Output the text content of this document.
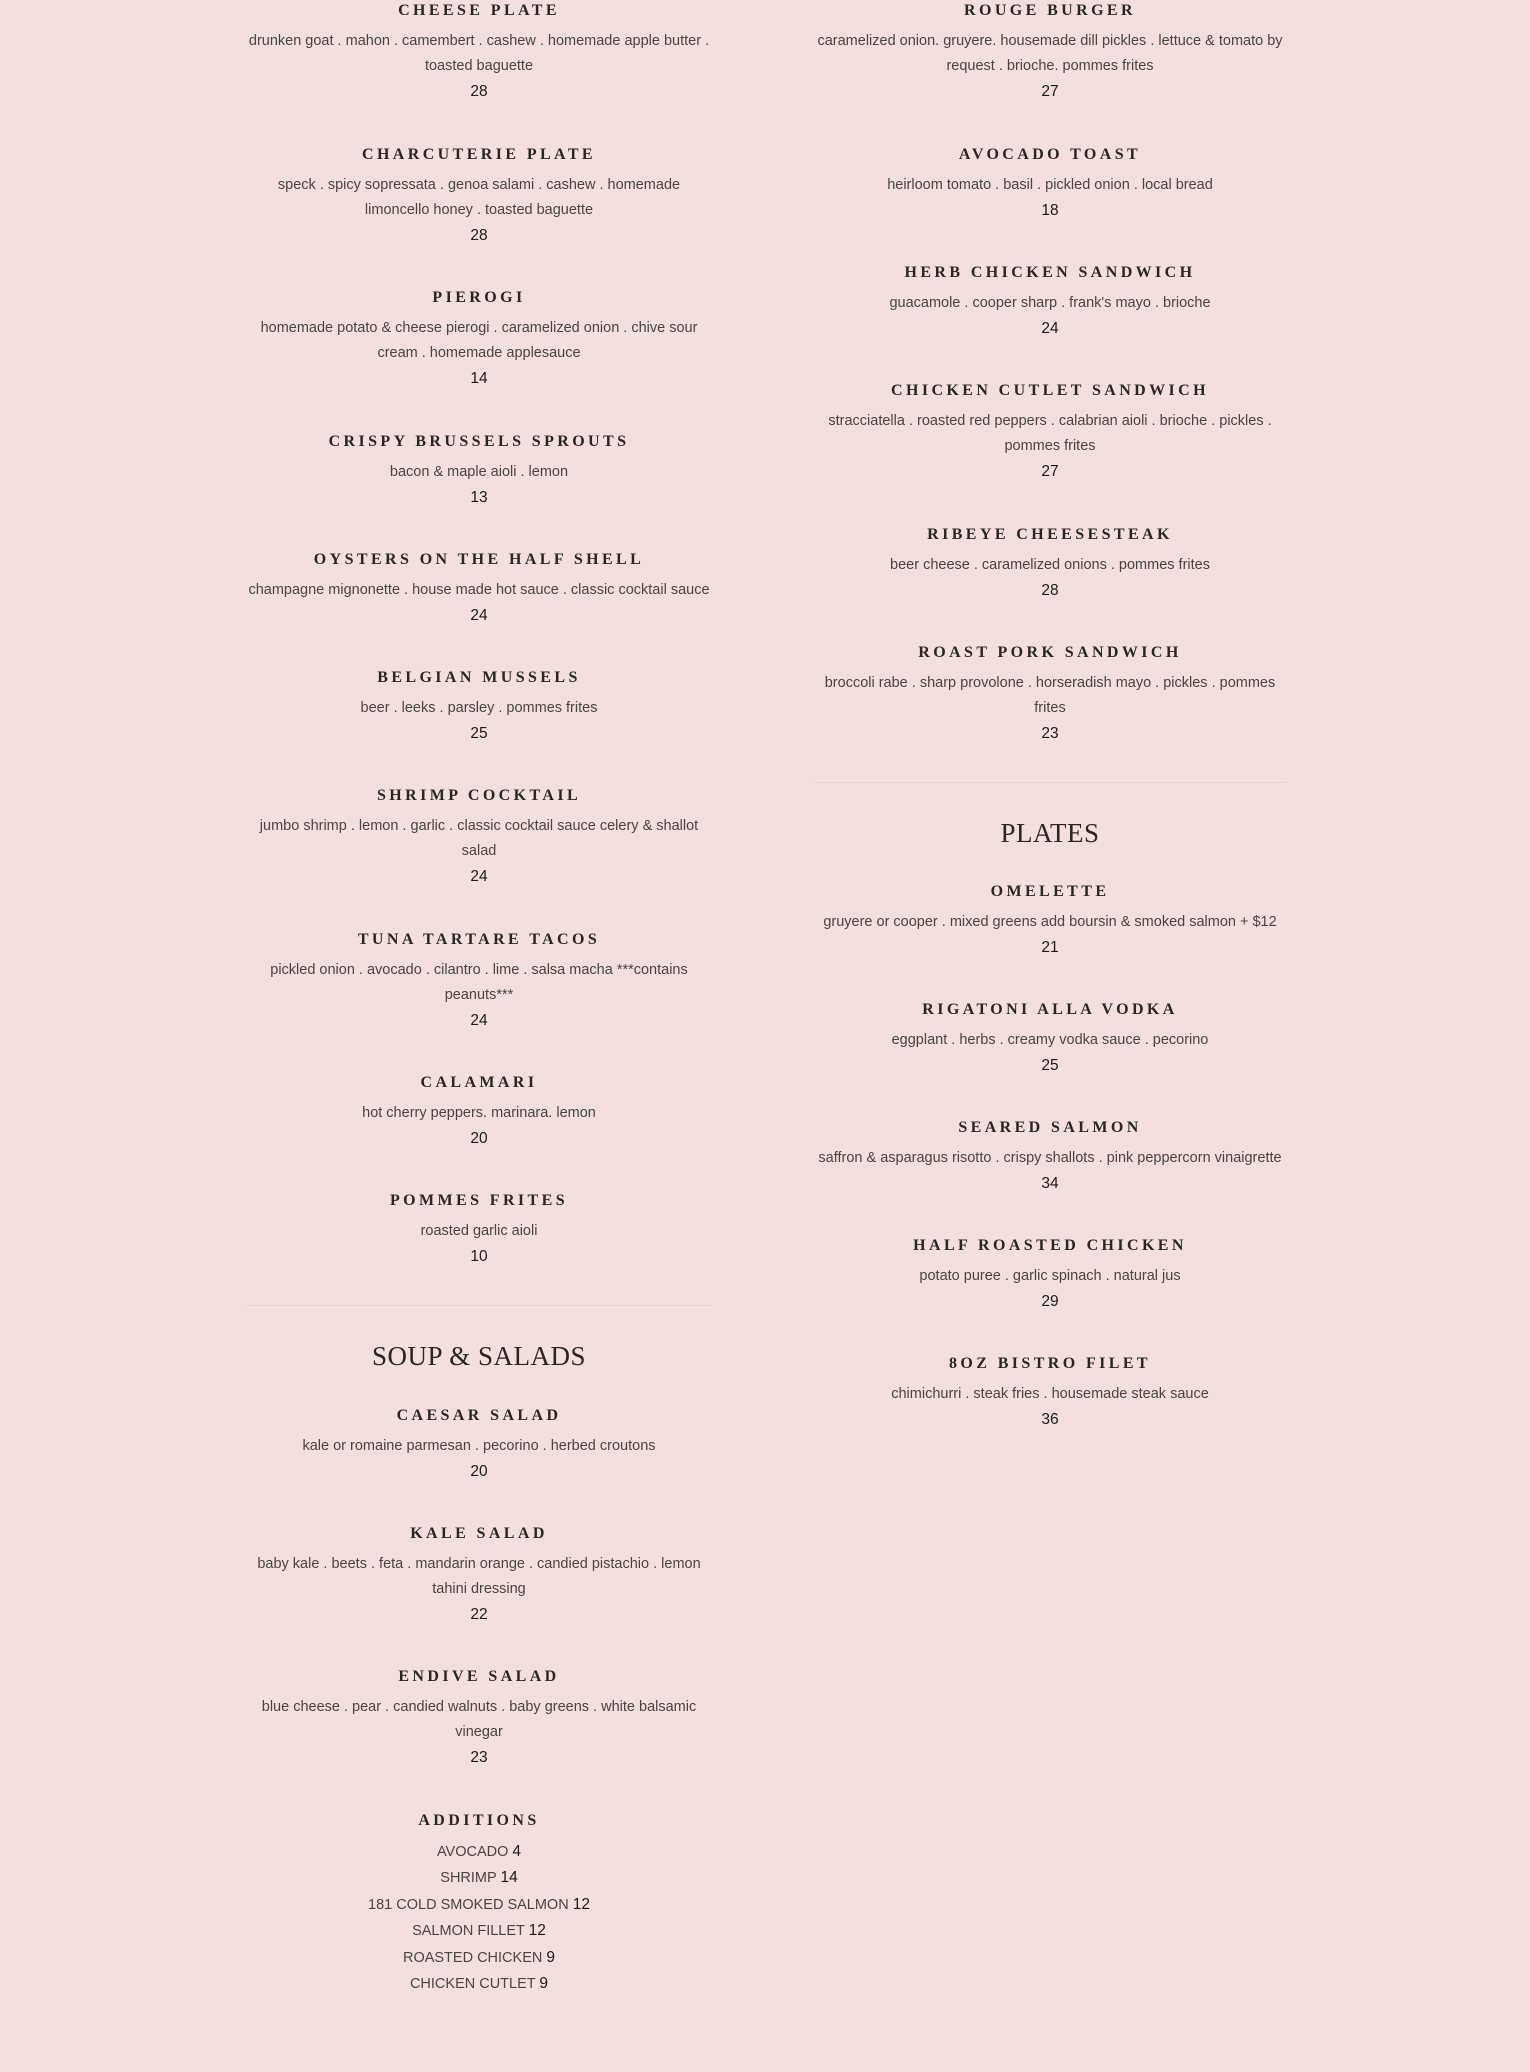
CHEESE PLATE
drunken goat . mahon . camembert . cashew . homemade apple butter . toasted baguette
28
CHARCUTERIE PLATE
speck . spicy sopressata . genoa salami . cashew . homemade limoncello honey . toasted baguette
28
PIEROGI
homemade potato & cheese pierogi . caramelized onion . chive sour cream . homemade applesauce
14
CRISPY BRUSSELS SPROUTS
bacon & maple aioli . lemon
13
OYSTERS ON THE HALF SHELL
champagne mignonette . house made hot sauce . classic cocktail sauce
24
BELGIAN MUSSELS
beer . leeks . parsley . pommes frites
25
SHRIMP COCKTAIL
jumbo shrimp . lemon . garlic . classic cocktail sauce celery & shallot salad
24
TUNA TARTARE TACOS
pickled onion . avocado . cilantro . lime . salsa macha ***contains peanuts***
24
CALAMARI
hot cherry peppers. marinara. lemon
20
POMMES FRITES
roasted garlic aioli
10
SOUP & SALADS
CAESAR SALAD
kale or romaine parmesan . pecorino . herbed croutons
20
KALE SALAD
baby kale . beets . feta . mandarin orange . candied pistachio . lemon tahini dressing
22
ENDIVE SALAD
blue cheese . pear . candied walnuts . baby greens . white balsamic vinegar
23
ADDITIONS
AVOCADO 4
SHRIMP 14
181 COLD SMOKED SALMON 12
SALMON FILLET 12
ROASTED CHICKEN 9
CHICKEN CUTLET 9
ROUGE BURGER
caramelized onion. gruyere. housemade dill pickles . lettuce & tomato by request . brioche. pommes frites
27
AVOCADO TOAST
heirloom tomato . basil . pickled onion . local bread
18
HERB CHICKEN SANDWICH
guacamole . cooper sharp . frank's mayo . brioche
24
CHICKEN CUTLET SANDWICH
stracciatella . roasted red peppers . calabrian aioli . brioche . pickles . pommes frites
27
RIBEYE CHEESESTEAK
beer cheese . caramelized onions . pommes frites
28
ROAST PORK SANDWICH
broccoli rabe . sharp provolone . horseradish mayo . pickles . pommes frites
23
PLATES
OMELETTE
gruyere or cooper . mixed greens add boursin & smoked salmon + $12
21
RIGATONI ALLA VODKA
eggplant . herbs . creamy vodka sauce . pecorino
25
SEARED SALMON
saffron & asparagus risotto . crispy shallots . pink peppercorn vinaigrette
34
HALF ROASTED CHICKEN
potato puree . garlic spinach . natural jus
29
8OZ BISTRO FILET
chimichurri . steak fries . housemade steak sauce
36
